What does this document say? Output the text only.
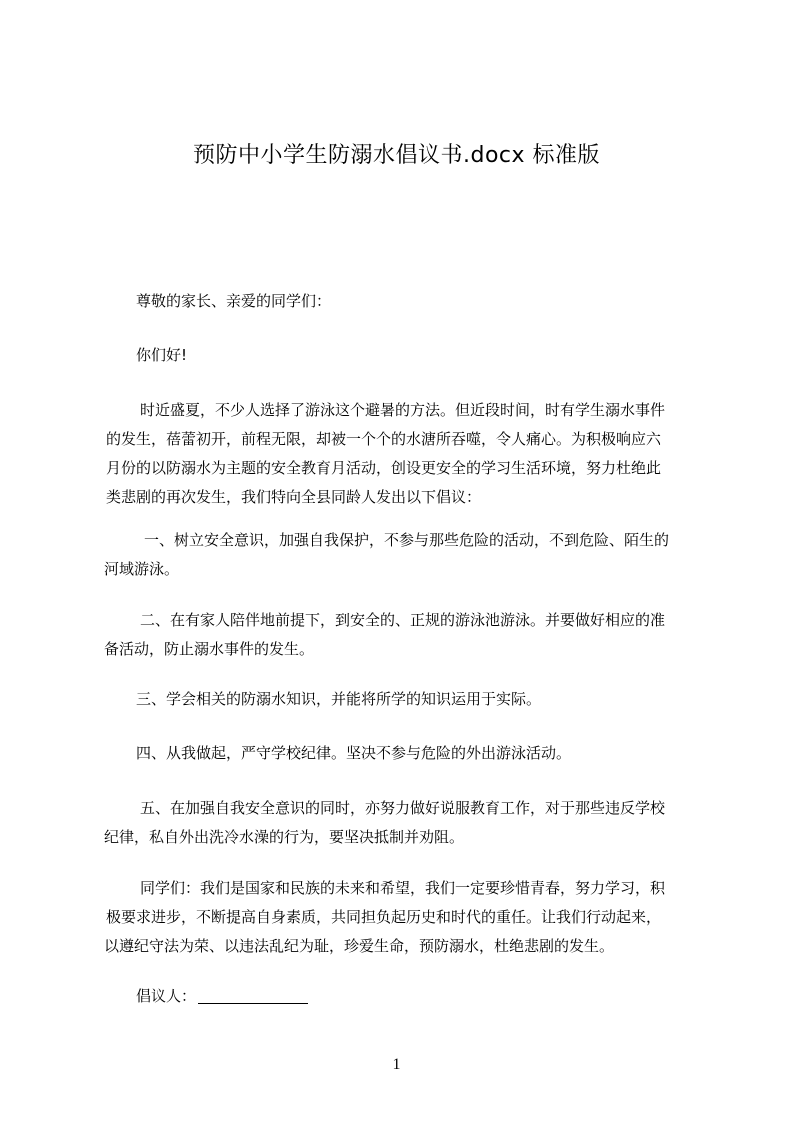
预防中小学生防溺水倡议书.docx 标准版

尊敬的家长、亲爱的同学们：

你们好!

时近盛夏，不少人选择了游泳这个避暑的方法。但近段时间，时有学生溺水事件
的发生，蓓蕾初开，前程无限，却被一个个的水溏所吞噬，令人痛心。为积极响应六
月份的以防溺水为主题的安全教育月活动，创设更安全的学习生活环境，努力杜绝此
类悲剧的再次发生，我们特向全县同龄人发出以下倡议：

一、树立安全意识，加强自我保护，不参与那些危险的活动，不到危险、陌生的
河域游泳。

二、在有家人陪伴地前提下，到安全的、正规的游泳池游泳。并要做好相应的准
备活动，防止溺水事件的发生。

三、学会相关的防溺水知识，并能将所学的知识运用于实际。

四、从我做起，严守学校纪律。坚决不参与危险的外出游泳活动。

五、在加强自我安全意识的同时，亦努力做好说服教育工作，对于那些违反学校
纪律，私自外出洗冷水澡的行为，要坚决抵制并劝阻。

同学们：我们是国家和民族的未来和希望，我们一定要珍惜青春，努力学习，积
极要求进步，不断提高自身素质，共同担负起历史和时代的重任。让我们行动起来，
以遵纪守法为荣、以违法乱纪为耻，珍爱生命，预防溺水，杜绝悲剧的发生。

倡议人：

1
